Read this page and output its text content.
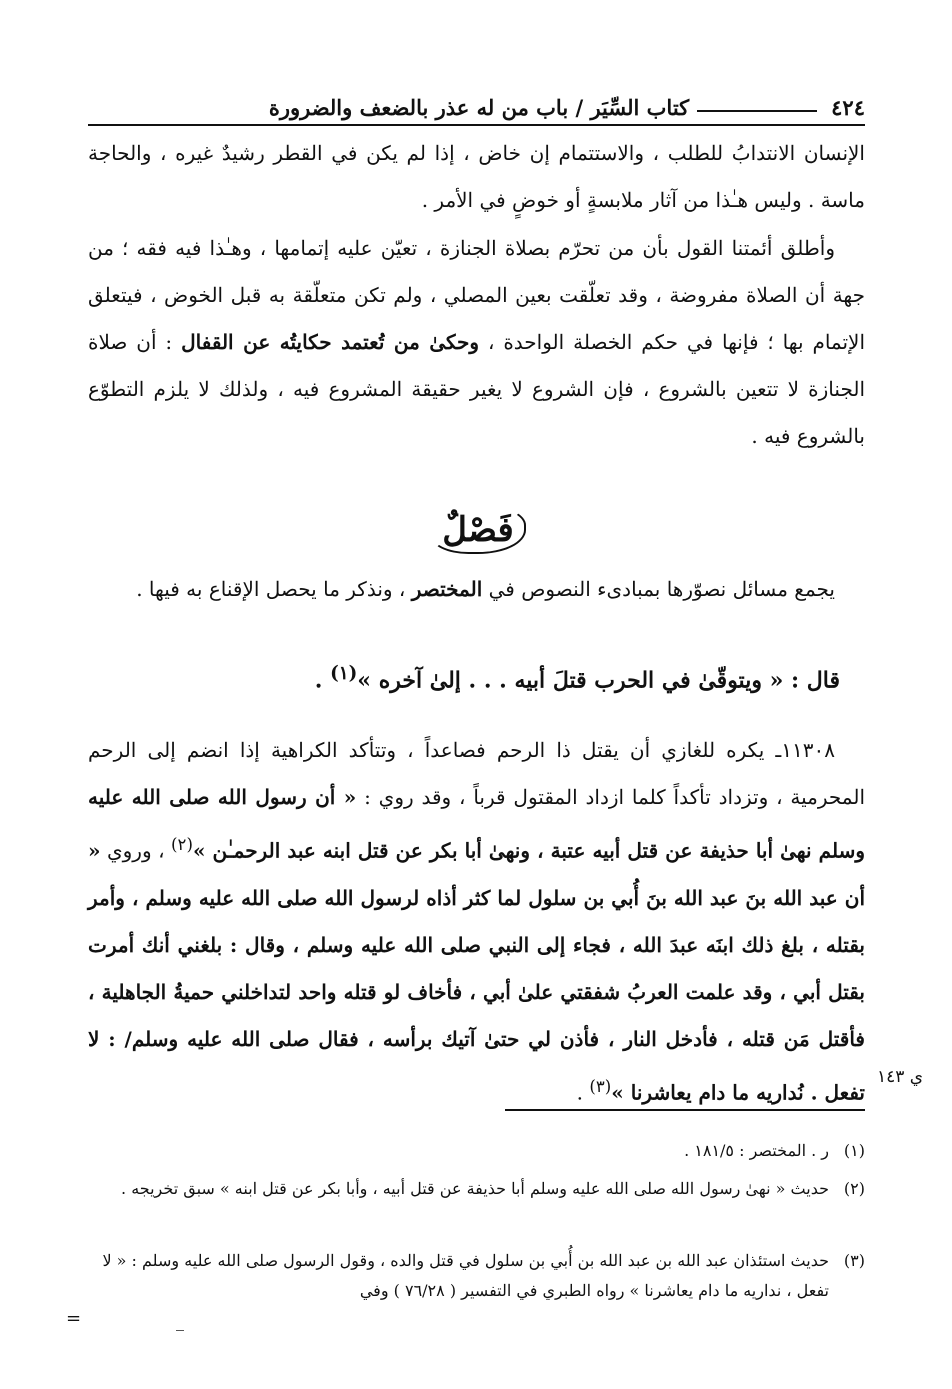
٤٢٤
كتاب السِّيَر / باب من له عذر بالضعف والضرورة

الإنسان الانتدابُ للطلب ، والاستتمام إن خاض ، إذا لم يكن في القطر رشيدٌ غيره ، والحاجة ماسة . وليس هـٰذا من آثار ملابسةٍ أو خوضٍ في الأمر .

وأطلق أئمتنا القول بأن من تحرّم بصلاة الجنازة ، تعيّن عليه إتمامها ، وهـٰذا فيه فقه ؛ من جهة أن الصلاة مفروضة ، وقد تعلّقت بعين المصلي ، ولم تكن متعلّقة به قبل الخوض ، فيتعلق الإتمام بها ؛ فإنها في حكم الخصلة الواحدة ، وحكىٰ من تُعتمد حكايتُه عن القفال : أن صلاة الجنازة لا تتعين بالشروع ، فإن الشروع لا يغير حقيقة المشروع فيه ، ولذلك لا يلزم التطوّع بالشروع فيه .

فَصْلٌ

يجمع مسائل نصوّرها بمبادىء النصوص في المختصر ، ونذكر ما يحصل الإقناع به فيها .

قال : « ويتوقّىٰ في الحرب قتلَ أبيه . . . إلىٰ آخره »$^{(١)}$ .

١١٣٠٨ـ يكره للغازي أن يقتل ذا الرحم فصاعداً ، وتتأكد الكراهية إذا انضم إلى الرحم المحرمية ، وتزداد تأكداً كلما ازداد المقتول قرباً ، وقد روي : « أن رسول الله صلى الله عليه وسلم نهىٰ أبا حذيفة عن قتل أبيه عتبة ، ونهىٰ أبا بكر عن قتل ابنه عبد الرحمـٰن »$^{(٢)}$ ، وروي « أن عبد الله بنَ عبد الله بنَ أُبي بن سلول لما كثر أذاه لرسول الله صلى الله عليه وسلم ، وأمر بقتله ، بلغ ذلك ابنَه عبدَ الله ، فجاء إلى النبي صلى الله عليه وسلم ، وقال : بلغني أنك أمرت بقتل أبي ، وقد علمت العربُ شفقتي علىٰ أبي ، فأخاف لو قتله واحد لتداخلني حميةُ الجاهلية ، فأقتل مَن قتله ، فأدخل النار ، فأذن لي حتىٰ آتيك برأسه ، فقال صلى الله عليه وسلم/ : لا تفعل . نُداريه ما دام يعاشرنا »$^{(٣)}$ .

ي ١٤٣

(١)
ر . المختصر : ١٨١/٥ .

(٢)
حديث « نهىٰ رسول الله صلى الله عليه وسلم أبا حذيفة عن قتل أبيه ، وأبا بكر عن قتل ابنه » سبق تخريجه .

(٣)
حديث استئذان عبد الله بن عبد الله بن أُبي بن سلول في قتل والده ، وقول الرسول صلى الله عليه وسلم : « لا تفعل ، نداريه ما دام يعاشرنا » رواه الطبري في التفسير ( ٧٦/٢٨ ) وفي

=
